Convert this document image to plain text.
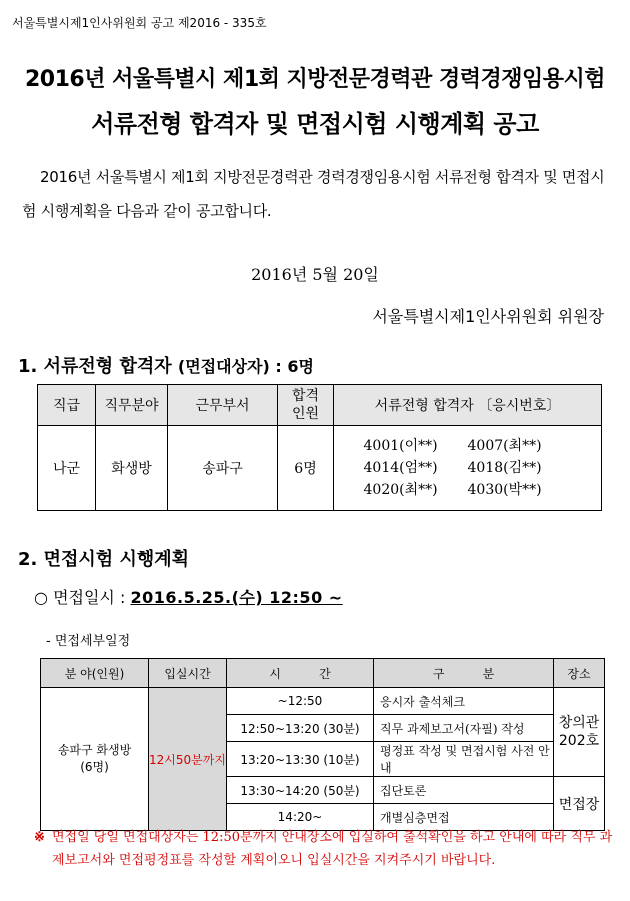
서울특별시제1인사위원회 공고 제2016 - 335호
2016년 서울특별시 제1회 지방전문경력관 경력경쟁임용시험
서류전형 합격자 및 면접시험 시행계획 공고
2016년 서울특별시 제1회 지방전문경력관 경력경쟁임용시험 서류전형 합격자 및 면접시험 시행계획을 다음과 같이 공고합니다.
2016년 5월 20일
서울특별시제1인사위원회 위원장
1. 서류전형 합격자 (면접대상자) : 6명
직급	직무분야	근무부서	합격
인원	서류전형 합격자 〔응시번호〕
나군	화생방	송파구	6명	4001(이**) 4007(최**)
4014(엄**) 4018(김**)
4020(최**) 4030(박**)
2. 면접시험 시행계획
○ 면접일시 : 2016.5.25.(수) 12:50 ~
- 면접세부일정
분 야(인원)	입실시간	시          간	구          분	장소
송파구 화생방
(6명)	12시50분까지	~12:50	응시자 출석체크	창의관
202호
		12:50~13:20 (30분)	직무 과제보고서(자필) 작성	
		13:20~13:30 (10분)	평정표 작성 및 면접시험 사전 안내	
		13:30~14:20 (50분)	집단토론	면접장
		14:20~	개별심층면접	
※ 면접일 당일 면접대상자는 12:50분까지 안내장소에 입실하여 출석확인을 하고 안내에 따라 직무 과제보고서와 면접평정표를 작성할 계획이오니 입실시간을 지켜주시기 바랍니다.
